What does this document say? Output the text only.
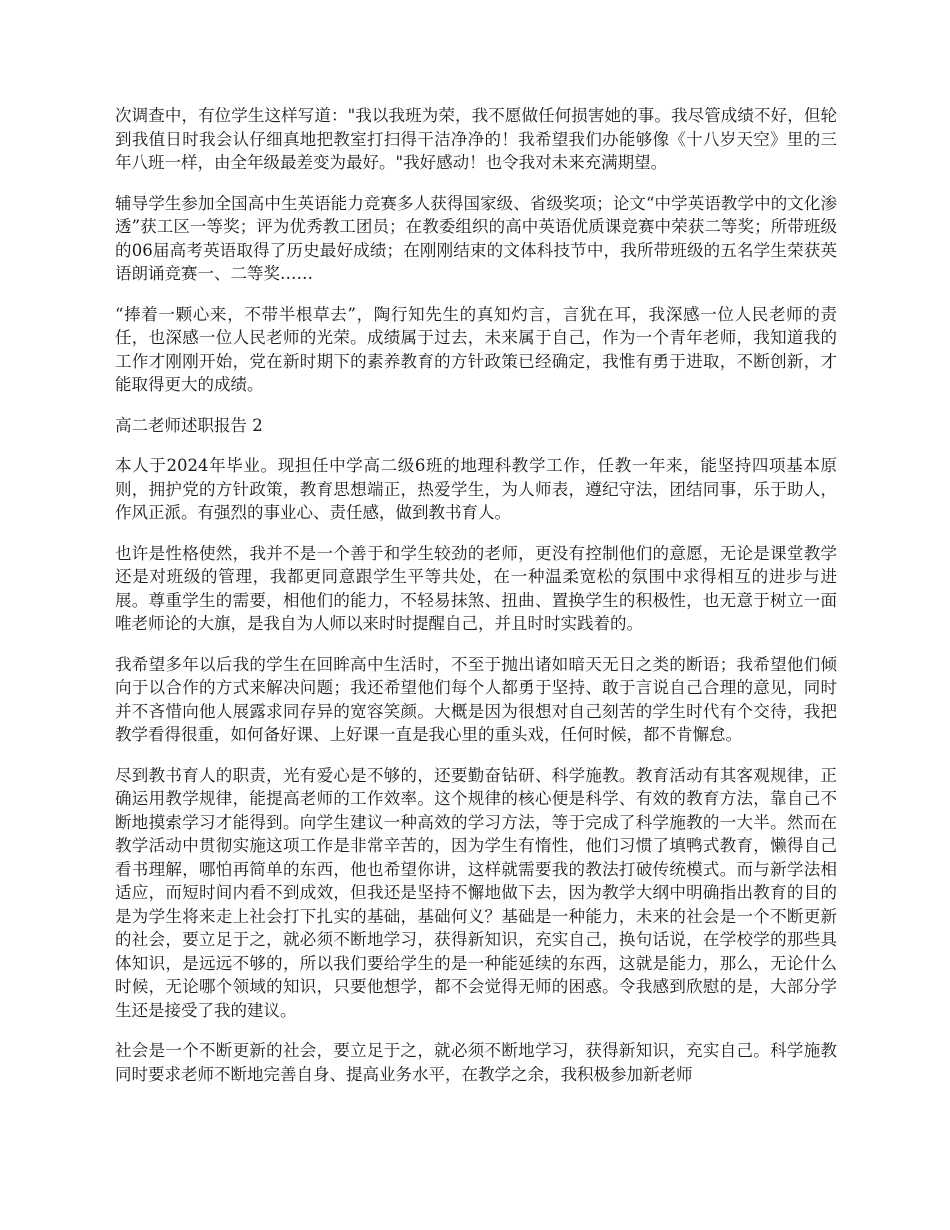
次调查中，有位学生这样写道："我以我班为荣，我不愿做任何损害她的事。我尽管成绩不好，但轮到我值日时我会认仔细真地把教室打扫得干洁净净的！我希望我们办能够像《十八岁天空》里的三年八班一样，由全年级最差变为最好。"我好感动！也令我对未来充满期望。

辅导学生参加全国高中生英语能力竞赛多人获得国家级、省级奖项；论文“中学英语教学中的文化渗透”获工区一等奖；评为优秀教工团员；在教委组织的高中英语优质课竞赛中荣获二等奖；所带班级的06届高考英语取得了历史最好成绩；在刚刚结束的文体科技节中，我所带班级的五名学生荣获英语朗诵竞赛一、二等奖……

“捧着一颗心来，不带半根草去”，陶行知先生的真知灼言，言犹在耳，我深感一位人民老师的责任，也深感一位人民老师的光荣。成绩属于过去，未来属于自己，作为一个青年老师，我知道我的工作才刚刚开始，党在新时期下的素养教育的方针政策已经确定，我惟有勇于进取，不断创新，才能取得更大的成绩。

高二老师述职报告 2

本人于2024年毕业。现担任中学高二级6班的地理科教学工作，任教一年来，能坚持四项基本原则，拥护党的方针政策，教育思想端正，热爱学生，为人师表，遵纪守法，团结同事，乐于助人，作风正派。有强烈的事业心、责任感，做到教书育人。

也许是性格使然，我并不是一个善于和学生较劲的老师，更没有控制他们的意愿，无论是课堂教学还是对班级的管理，我都更同意跟学生平等共处，在一种温柔宽松的氛围中求得相互的进步与进展。尊重学生的需要，相他们的能力，不轻易抹煞、扭曲、置换学生的积极性，也无意于树立一面唯老师论的大旗，是我自为人师以来时时提醒自己，并且时时实践着的。

我希望多年以后我的学生在回眸高中生活时，不至于抛出诸如暗天无日之类的断语；我希望他们倾向于以合作的方式来解决问题；我还希望他们每个人都勇于坚持、敢于言说自己合理的意见，同时并不吝惜向他人展露求同存异的宽容笑颜。大概是因为很想对自己刻苦的学生时代有个交待，我把教学看得很重，如何备好课、上好课一直是我心里的重头戏，任何时候，都不肯懈怠。

尽到教书育人的职责，光有爱心是不够的，还要勤奋钻研、科学施教。教育活动有其客观规律，正确运用教学规律，能提高老师的工作效率。这个规律的核心便是科学、有效的教育方法，靠自己不断地摸索学习才能得到。向学生建议一种高效的学习方法，等于完成了科学施教的一大半。然而在教学活动中贯彻实施这项工作是非常辛苦的，因为学生有惰性，他们习惯了填鸭式教育，懒得自己看书理解，哪怕再简单的东西，他也希望你讲，这样就需要我的教法打破传统模式。而与新学法相适应，而短时间内看不到成效，但我还是坚持不懈地做下去，因为教学大纲中明确指出教育的目的是为学生将来走上社会打下扎实的基础，基础何义？基础是一种能力，未来的社会是一个不断更新的社会，要立足于之，就必须不断地学习，获得新知识，充实自己，换句话说，在学校学的那些具体知识，是远远不够的，所以我们要给学生的是一种能延续的东西，这就是能力，那么，无论什么时候，无论哪个领域的知识，只要他想学，都不会觉得无师的困惑。令我感到欣慰的是，大部分学生还是接受了我的建议。

社会是一个不断更新的社会，要立足于之，就必须不断地学习，获得新知识，充实自己。科学施教同时要求老师不断地完善自身、提高业务水平，在教学之余，我积极参加新老师
